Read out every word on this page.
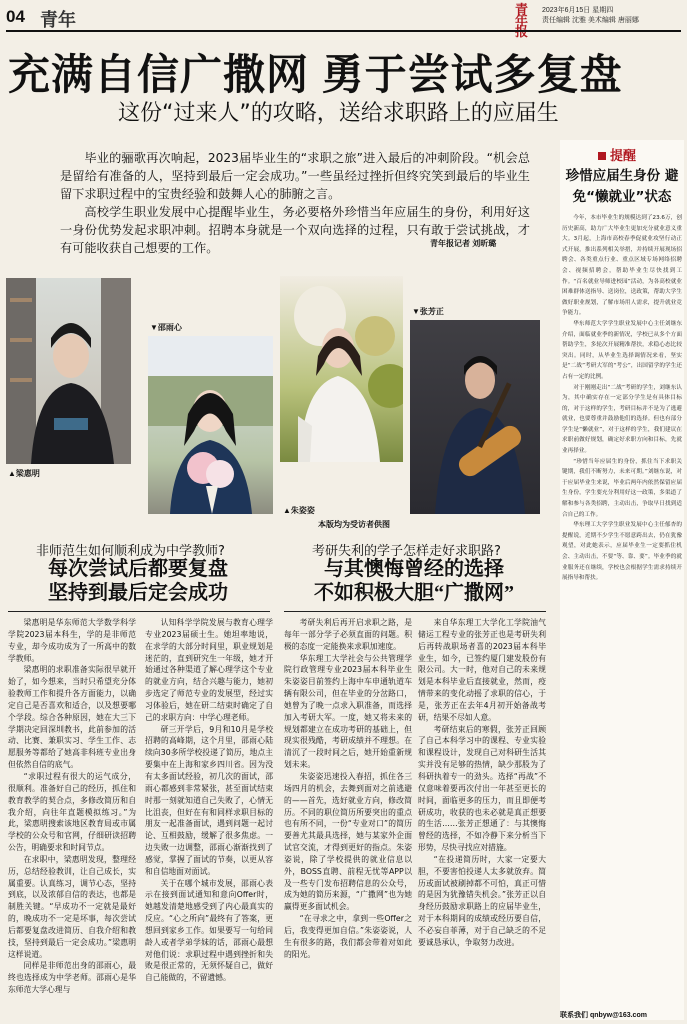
04 青年
青年
2023年6月15日 星期四
责任编辑 沈雅 美术编辑 唐丽娜
充满自信广撒网 勇于尝试多复盘
这份“过来人”的攻略，送给求职路上的应届生

毕业的骊歌再次响起，2023届毕业生的“求职之旅”进入最后的冲刺阶段。“机会总是留给有准备的人，坚持到最后一定会成功。”一些虽经过挫折但终究笑到最后的毕业生留下求职过程中的宝贵经验和鼓舞人心的肺腑之言。

高校学生职业发展中心提醒毕业生，务必要格外珍惜当年应届生的身份，利用好这一身份优势发起求职冲刺。招聘本身就是一个双向选择的过程，只有敢于尝试挑战，才有可能收获自己想要的工作。	青年报记者 刘昕璐
提醒
珍惜应届生身份 避免“懒就业”状态

今年，本市毕业生的规模达到了23.6万，创历史新高，助力广大毕业生更加充分就业意义重大。3月起，上海市高校春季促就业攻坚行动正式开展，推出系列相关举措，并持续开展现场招聘会、各类重点行业、重点区域专场网络招聘会、视频招聘会，帮助毕业生尽快找到工作。“百名就业导师进校园”活动，为各高校就业困难群体送指导、送岗位，送政策，帮助大学生做好职业规划，了解市场用人需求，提升就业竞争能力。

华东师范大学学生职业发展中心主任刘继东介绍，面临就业季的新情况，学校已从多个方面帮助学生，多轮次开展精准帮扶，求稳心态比较突出。同时，从毕业生选择调情况来看，坚实是“二战”考研大军的“考公”，出国留学的学生还占有一定的比例。

对于刚刚走出“二战”考研的学生，刘继东认为，其中确实存在一定部分学生是有具体目标的，对于这样的学生，考研目标并不是为了逃避就业，也要尊重并鼓励他们的选择。但也有部分学生是“懒就业”，对于这样的学生，我们建议在求职前做好规划，确定好求职方向和目标，先就业再择业。

“珍惜当年应届生的身份，抓住当下求职关键期，我们不断努力，未来可期。”刘继东说，对于应届毕业生来说，毕业后两年内依然保留应届生身份，学生要充分利用好这一政策，多渠道了解和参与各类招聘，主动出击，争取早日找到适合自己的工作。

华东理工大学学生职业发展中心主任郁杏的提醒说，近期不少学生不愿意跨出去，仍在犹豫观望，对此她表示，应届毕业生一定要抓住机会、主动出击，不要“等、靠、要”。毕业季的就业服务还在继续，学校也会根据学生需求持续开展指导和帮扶。

▲梁惠明
▼邵雨心
▲朱姿姿
▼张芳正
本版均为受访者供图
非师范生如何顺利成为中学教师?
每次尝试后都要复盘
坚持到最后定会成功
考研失利的学子怎样走好求职路?
与其懊悔曾经的选择
不如积极大胆“广撒网”

梁惠明是华东师范大学数学科学学院2023届本科生，学的是非师范专业，却今成功成为了一所高中的数学教师。

梁惠明的求职准备实际很早就开始了，如今想来，当时只希望充分体验教师工作和提升各方面能力，以确定自己是否喜欢和适合，以及想要哪个学段。综合各种原因，她在大三下学期决定回深圳教书，此前参加的活动、比赛、兼职实习、学生工作、志愿服务等都给了她高非科班专业出身但依然自信的底气。

“求职过程有很大的运气成分，很顺利。准备好自己的经历，抓住和教育教学的契合点，多修改简历和自我介绍，向往年直题模拟练习。”为此，梁惠明搜索该地区教育局或市属学校的公众号和官网，仔细研读招聘公告，明确要求和时间节点。

在求职中，梁惠明发现，整理经历，总结经验教训，让自己成长，实属重要。认真练习，调节心态，坚持到底，以及浓郁自信的表达，也都是制胜关键。“早成功不一定就是最好的，晚成功不一定是坏事，每次尝试后都要复盘改进简历、自我介绍和教技，坚持到最后一定会成功。”梁惠明这样说道。

同样是非师范出身的邵雨心，最终也选择成为中学老师。邵雨心是华东师范大学心理与

认知科学学院发展与教育心理学专业2023届硕士生。她坦率地说，在求学的大部分时间里，职业规划是迷茫的，直到研究生一年级，她才开始通过各种渠道了解心理学这个专业的就业方向，结合兴趣与能力，她初步选定了师范专业的发展型，经过实习体验后，她在研二结束时确定了自己的求职方向：中学心理老师。

研三开学后，9月和10月是学校招聘的高峰期，这个月里，邵雨心陆续向30多所学校投递了简历，地点主要集中在上海和家乡四川省。因为没有太多面试经验，初几次的面试，邵雨心都感到非常紧张，甚至面试结束时那一刻就知道自己失败了，心情无比沮丧，但好在有和同样求职目标的朋友一起准备面试，遇到问题一起讨论、互相鼓励，缓解了很多焦虑。一边失败一边调整，邵雨心渐渐找到了感觉，掌握了面试的节奏，以更从容和自信地面对面试。

关于在哪个城市发展，邵雨心表示在接到面试通知和意向Offer时，她越发清楚地感受到了内心最真实的反应。“心之所向”最终有了答案，更想回到家乡工作。如果要写一句给同龄人或者学弟学妹的话，邵雨心最想对他们说：求职过程中遇到挫折和失败是很正常的，无须怀疑自己，做好自己能做的，不留遗憾。

考研失利后再开启求职之路，是每年一部分学子必须直面的问题。积极的态度一定能换来求职加速度。

华东理工大学社会与公共管理学院行政管理专业2023届本科毕业生朱姿姿目前签约上海中车申通轨道车辆有限公司，但在毕业的分岔路口，她曾为了晚一点求入职准备，而选择加入考研大军。一度，她又将未来的规划都建立在成功考研的基础上，但现实很残酷，考研成绩并不理想。在清沉了一段时间之后，她开始重新规划未来。

朱姿姿迅速投入春招，抓住各三场四月的机会，去舞到面对之前逃避的——首先，选好就业方向，修改简历。不同的职位简历所要突出的重点也有所不同，一份“专业对口”的简历要善尤其最具选择，她与某家外企面试官交流，才得到更好的指点。朱姿姿说，除了学校提供的就业信息以外，BOSS直聘、前程无忧等APP以及一些专门发布招聘信息的公众号，成为她的简历来源，“广撒网”也为她赢得更多面试机会。

“在寻求之中，拿到一些Offer之后，我变得更加自信。”朱姿姿说，人生有很多的路，我们都会带着对如此的阳光。

来自华东理工大学化工学院油气储运工程专业的张芳正也是考研失利后再转战职场者喜的2023届本科毕业生，如今，已签约厦门建发股份有限公司。大一时，他对自己的未来规划是本科毕业后直接就业，然而，疫情带来的变化动摇了求职的信心，于是，张芳正在去年4月初开始备战考研，结果不尽如人意。

考研结束后的寒假，张芳正回顾了自己本科学习中的课程、专业实验和课程设计，发现自己对科研生活其实并没有足够的热情，缺少那股为了科研执着专一的劲头。选择“再战”不仅意味着要再次付出一年甚至更长的时间，面临更多的压力，而且即便考研成功，收获的也未必就是真正想要的生活……张芳正想通了：与其懊悔曾经的选择，不如冷静下来分析当下形势，尽快寻找应对措施。

“在投递简历时，大家一定要大胆，不要害怕投递人太多就放弃。简历或面试被刷掉都不可怕，真正可惜的是因为犹豫错失机会。”张芳正以自身经历鼓励求职路上的应届毕业生，对于本科期间的成绩或经历要自信，不必妄自菲薄，对于自己缺乏的不足要诚恳承认，争取努力改进。

联系我们 qnbyw@163.com
